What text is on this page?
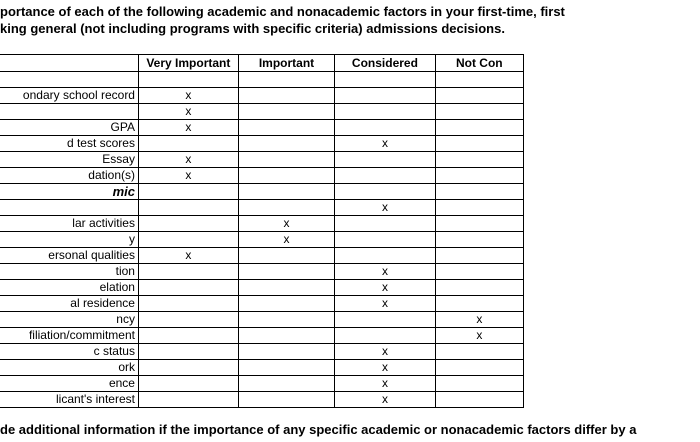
portance of each of the following academic and nonacademic factors in your first-time, first
king general (not including programs with specific criteria) admissions decisions.
	Very Important	Important	Considered	Not Con

ondary school record	x			
	x			
GPA	x			
d test scores			x	
Essay	x			
dation(s)	x			
mic				
			x	
lar activities		x		
y		x		
ersonal qualities	x			
tion			x	
elation			x	
al residence			x	
ncy				x
filiation/commitment				x
c status			x	
ork			x	
ence			x	
licant's interest			x	
de additional information if the importance of any specific academic or nonacademic factors differ by a
